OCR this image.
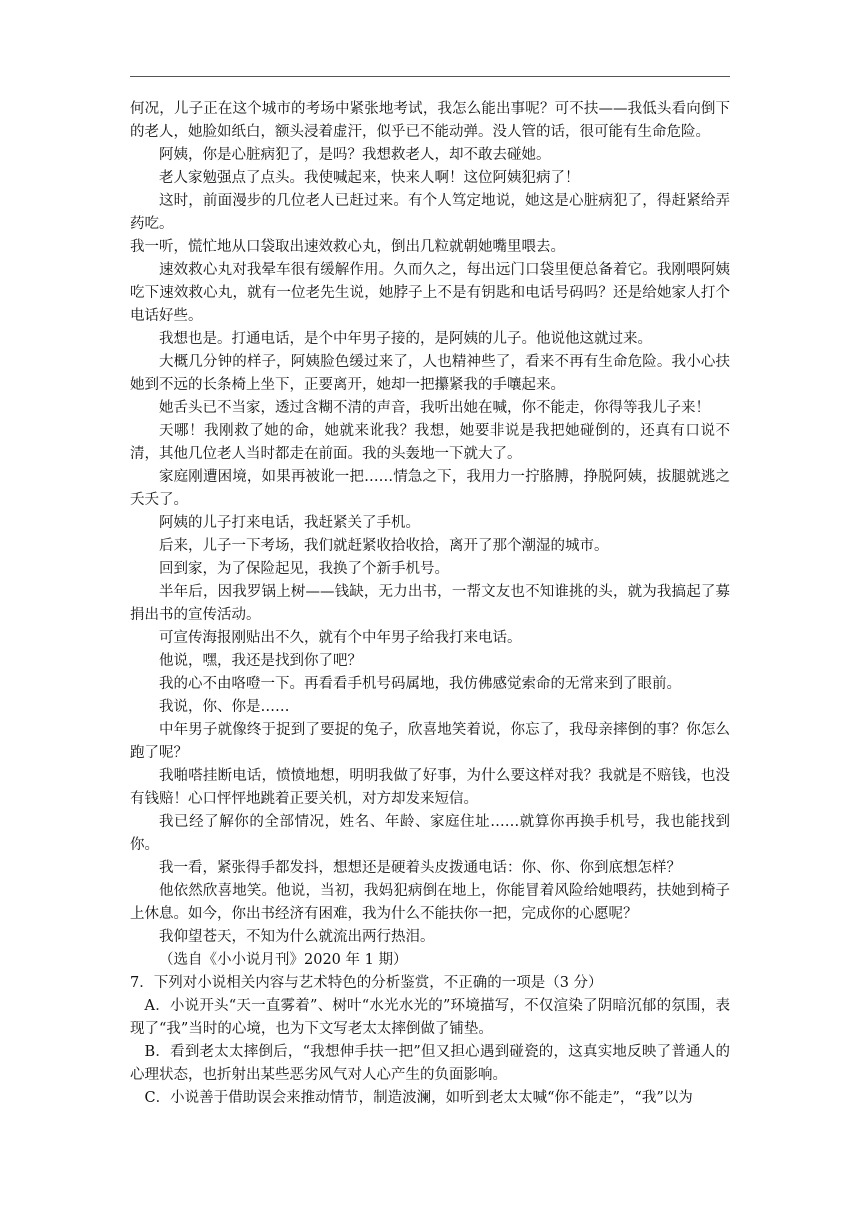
何况，儿子正在这个城市的考场中紧张地考试，我怎么能出事呢？可不扶——我低头看向倒下的老人，她脸如纸白，额头浸着虚汗，似乎已不能动弹。没人管的话，很可能有生命危险。

阿姨，你是心脏病犯了，是吗？我想救老人，却不敢去碰她。

老人家勉强点了点头。我使喊起来，快来人啊！这位阿姨犯病了！

这时，前面漫步的几位老人已赶过来。有个人笃定地说，她这是心脏病犯了，得赶紧给弄药吃。

我一听，慌忙地从口袋取出速效救心丸，倒出几粒就朝她嘴里喂去。

速效救心丸对我晕车很有缓解作用。久而久之，每出远门口袋里便总备着它。我刚喂阿姨吃下速效救心丸，就有一位老先生说，她脖子上不是有钥匙和电话号码吗？还是给她家人打个电话好些。

我想也是。打通电话，是个中年男子接的，是阿姨的儿子。他说他这就过来。

大概几分钟的样子，阿姨脸色缓过来了，人也精神些了，看来不再有生命危险。我小心扶她到不远的长条椅上坐下，正要离开，她却一把攥紧我的手嚷起来。

她舌头已不当家，透过含糊不清的声音，我听出她在喊，你不能走，你得等我儿子来！

天哪！我刚救了她的命，她就来讹我？我想，她要非说是我把她碰倒的，还真有口说不清，其他几位老人当时都走在前面。我的头轰地一下就大了。

家庭刚遭困境，如果再被讹一把……情急之下，我用力一拧胳膊，挣脱阿姨，拔腿就逃之夭夭了。

阿姨的儿子打来电话，我赶紧关了手机。

后来，儿子一下考场，我们就赶紧收拾收拾，离开了那个潮湿的城市。

回到家，为了保险起见，我换了个新手机号。

半年后，因我罗锅上树——钱缺，无力出书，一帮文友也不知谁挑的头，就为我搞起了募捐出书的宣传活动。

可宣传海报刚贴出不久，就有个中年男子给我打来电话。

他说，嘿，我还是找到你了吧？

我的心不由咯噔一下。再看看手机号码属地，我仿佛感觉索命的无常来到了眼前。

我说，你、你是……

中年男子就像终于捉到了要捉的兔子，欣喜地笑着说，你忘了，我母亲摔倒的事？你怎么跑了呢？

我啪嗒挂断电话，愤愤地想，明明我做了好事，为什么要这样对我？我就是不赔钱，也没有钱赔！心口怦怦地跳着正要关机，对方却发来短信。

我已经了解你的全部情况，姓名、年龄、家庭住址……就算你再换手机号，我也能找到你。

我一看，紧张得手都发抖，想想还是硬着头皮拨通电话：你、你、你到底想怎样？

他依然欣喜地笑。他说，当初，我妈犯病倒在地上，你能冒着风险给她喂药，扶她到椅子上休息。如今，你出书经济有困难，我为什么不能扶你一把，完成你的心愿呢？

我仰望苍天，不知为什么就流出两行热泪。

（选自《小小说月刊》2020 年 1 期）

7．下列对小说相关内容与艺术特色的分析鉴赏，不正确的一项是（3 分）

A．小说开头“天一直雾着”、树叶“水光水光的”环境描写，不仅渲染了阴暗沉郁的氛围，表现了“我”当时的心境，也为下文写老太太摔倒做了铺垫。

B．看到老太太摔倒后，“我想伸手扶一把”但又担心遇到碰瓷的，这真实地反映了普通人的心理状态，也折射出某些恶劣风气对人心产生的负面影响。

C．小说善于借助误会来推动情节，制造波澜，如听到老太太喊“你不能走”，“我”以为
